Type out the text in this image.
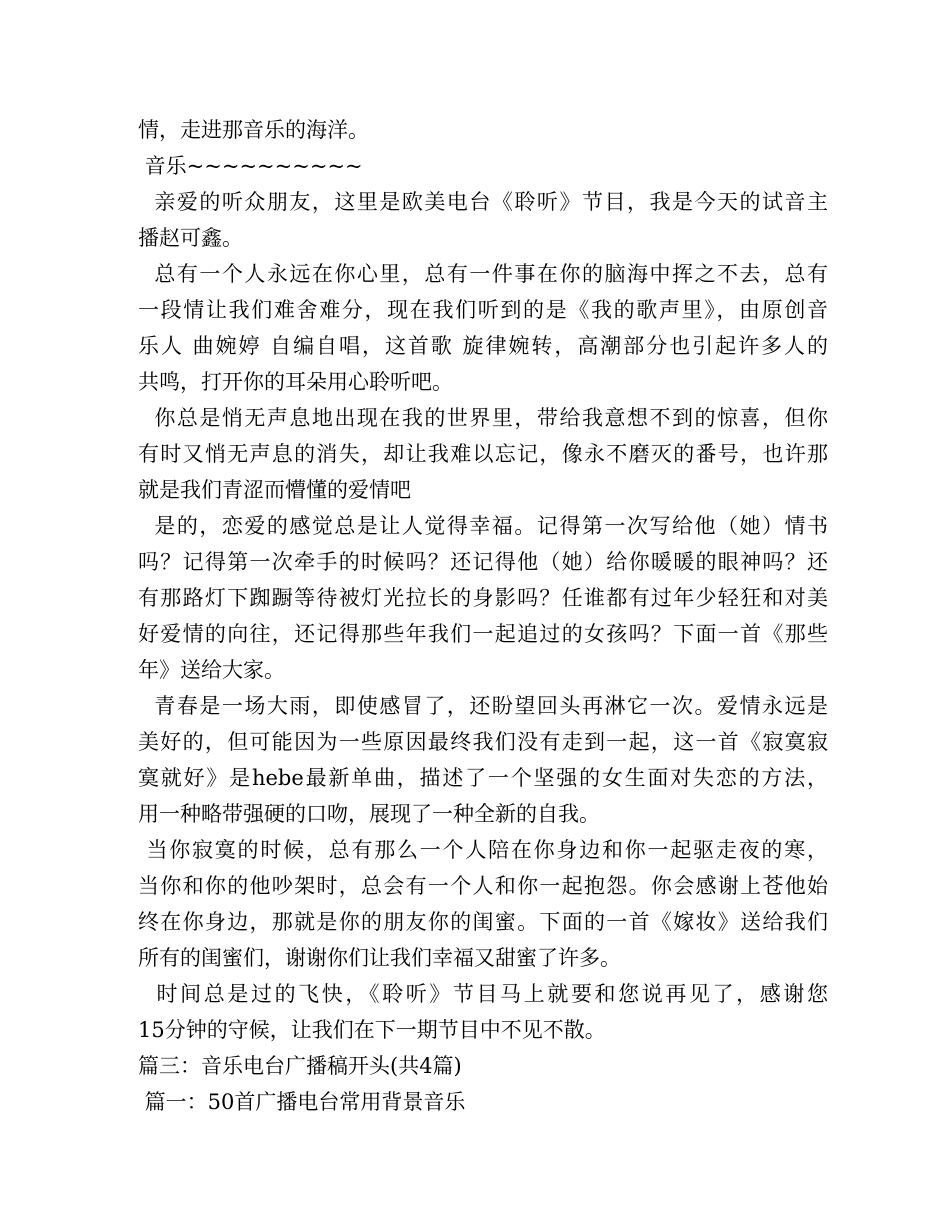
情，走进那音乐的海洋。
音乐~~~~~~~~~~
亲爱的听众朋友，这里是欧美电台《聆听》节目，我是今天的试音主
播赵可鑫。
总有一个人永远在你心里，总有一件事在你的脑海中挥之不去，总有
一段情让我们难舍难分，现在我们听到的是《我的歌声里》，由原创音
乐人 曲婉婷 自编自唱，这首歌 旋律婉转，高潮部分也引起许多人的
共鸣，打开你的耳朵用心聆听吧。
你总是悄无声息地出现在我的世界里，带给我意想不到的惊喜，但你
有时又悄无声息的消失，却让我难以忘记，像永不磨灭的番号，也许那
就是我们青涩而懵懂的爱情吧
是的，恋爱的感觉总是让人觉得幸福。记得第一次写给他（她）情书
吗？记得第一次牵手的时候吗？还记得他（她）给你暖暖的眼神吗？还
有那路灯下踟蹰等待被灯光拉长的身影吗？任谁都有过年少轻狂和对美
好爱情的向往，还记得那些年我们一起追过的女孩吗？下面一首《那些
年》送给大家。
青春是一场大雨，即使感冒了，还盼望回头再淋它一次。爱情永远是
美好的，但可能因为一些原因最终我们没有走到一起，这一首《寂寞寂
寞就好》是hebe最新单曲，描述了一个坚强的女生面对失恋的方法，
用一种略带强硬的口吻，展现了一种全新的自我。
当你寂寞的时候，总有那么一个人陪在你身边和你一起驱走夜的寒，
当你和你的他吵架时，总会有一个人和你一起抱怨。你会感谢上苍他始
终在你身边，那就是你的朋友你的闺蜜。下面的一首《嫁妆》送给我们
所有的闺蜜们，谢谢你们让我们幸福又甜蜜了许多。
时间总是过的飞快，《聆听》节目马上就要和您说再见了，感谢您
15分钟的守候，让我们在下一期节目中不见不散。
篇三：音乐电台广播稿开头(共4篇)
篇一：50首广播电台常用背景音乐
